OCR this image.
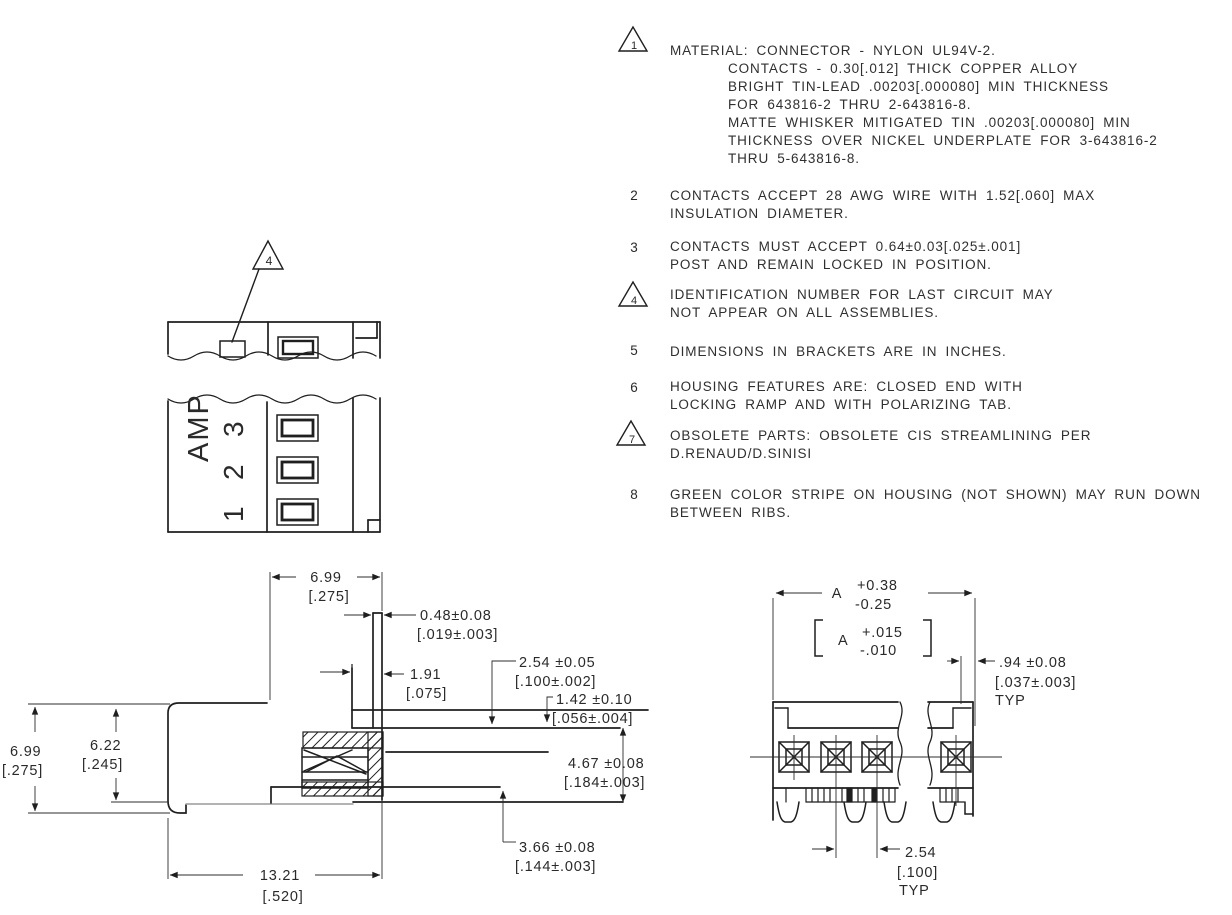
1
2
3
4
5
6
7
8
AMP 3
2
1
4
6.99
[.275]
0.48±0.08
[.019±.003]
1.91
[.075]
2.54 ±0.05
[.100±.002]
1.42 ±0.10
[.056±.004]
4.67 ±0.08
[.184±.003]
3.66 ±0.08
[.144±.003]
6.99
[.275]
6.22
[.245]
13.21
[.520]
A +0.38
-0.25
A +.015
-.010
.94 ±0.08
[.037±.003]
TYP
2.54
[.100]
TYP
MATERIAL: CONNECTOR - NYLON UL94V-2.
CONTACTS - 0.30[.012] THICK COPPER ALLOY
BRIGHT TIN-LEAD .00203[.000080] MIN THICKNESS
FOR 643816-2 THRU 2-643816-8.
MATTE WHISKER MITIGATED TIN .00203[.000080] MIN
THICKNESS OVER NICKEL UNDERPLATE FOR 3-643816-2
THRU 5-643816-8.
CONTACTS ACCEPT 28 AWG WIRE WITH 1.52[.060] MAX
INSULATION DIAMETER.
CONTACTS MUST ACCEPT 0.64±0.03[.025±.001]
POST AND REMAIN LOCKED IN POSITION.
IDENTIFICATION NUMBER FOR LAST CIRCUIT MAY
NOT APPEAR ON ALL ASSEMBLIES.
DIMENSIONS IN BRACKETS ARE IN INCHES.
HOUSING FEATURES ARE: CLOSED END WITH
LOCKING RAMP AND WITH POLARIZING TAB.
OBSOLETE PARTS: OBSOLETE CIS STREAMLINING PER
D.RENAUD/D.SINISI
GREEN COLOR STRIPE ON HOUSING (NOT SHOWN) MAY RUN DOWN
BETWEEN RIBS.
